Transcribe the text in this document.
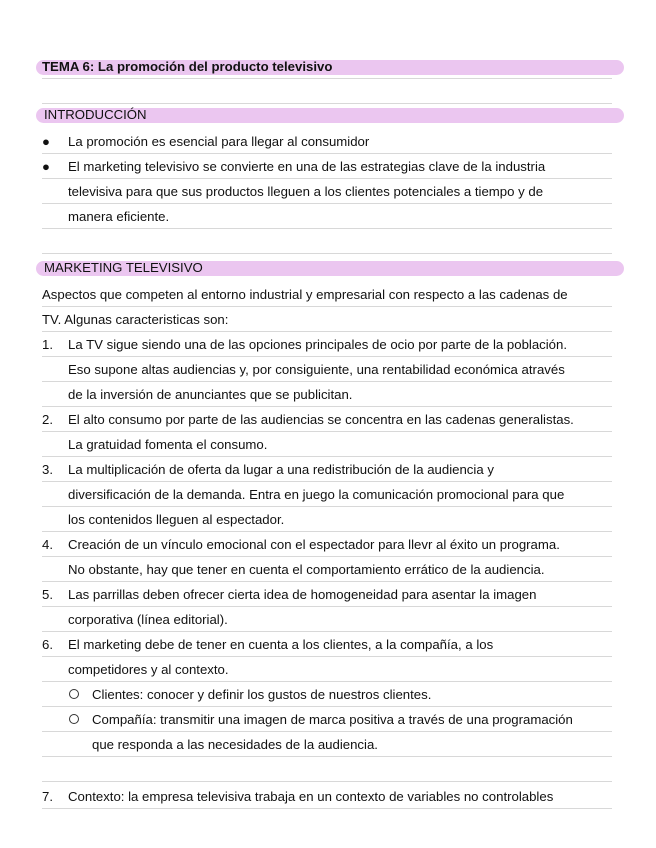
TEMA 6: La promoción del producto televisivo
INTRODUCCIÓN
● La promoción es esencial para llegar al consumidor
● El marketing televisivo se convierte en una de las estrategias clave de la industria
televisiva para que sus productos lleguen a los clientes potenciales a tiempo y de
manera eficiente.
MARKETING TELEVISIVO
Aspectos que competen al entorno industrial y empresarial con respecto a las cadenas de
TV. Algunas caracteristicas son:
1. La TV sigue siendo una de las opciones principales de ocio por parte de la población.
Eso supone altas audiencias y, por consiguiente, una rentabilidad económica através
de la inversión de anunciantes que se publicitan.
2. El alto consumo por parte de las audiencias se concentra en las cadenas generalistas.
La gratuidad fomenta el consumo.
3. La multiplicación de oferta da lugar a una redistribución de la audiencia y
diversificación de la demanda. Entra en juego la comunicación promocional para que
los contenidos lleguen al espectador.
4. Creación de un vínculo emocional con el espectador para llevr al éxito un programa.
No obstante, hay que tener en cuenta el comportamiento errático de la audiencia.
5. Las parrillas deben ofrecer cierta idea de homogeneidad para asentar la imagen
corporativa (línea editorial).
6. El marketing debe de tener en cuenta a los clientes, a la compañía, a los
competidores y al contexto.
Clientes: conocer y definir los gustos de nuestros clientes.
Compañía: transmitir una imagen de marca positiva a través de una programación
que responda a las necesidades de la audiencia.
7. Contexto: la empresa televisiva trabaja en un contexto de variables no controlables
